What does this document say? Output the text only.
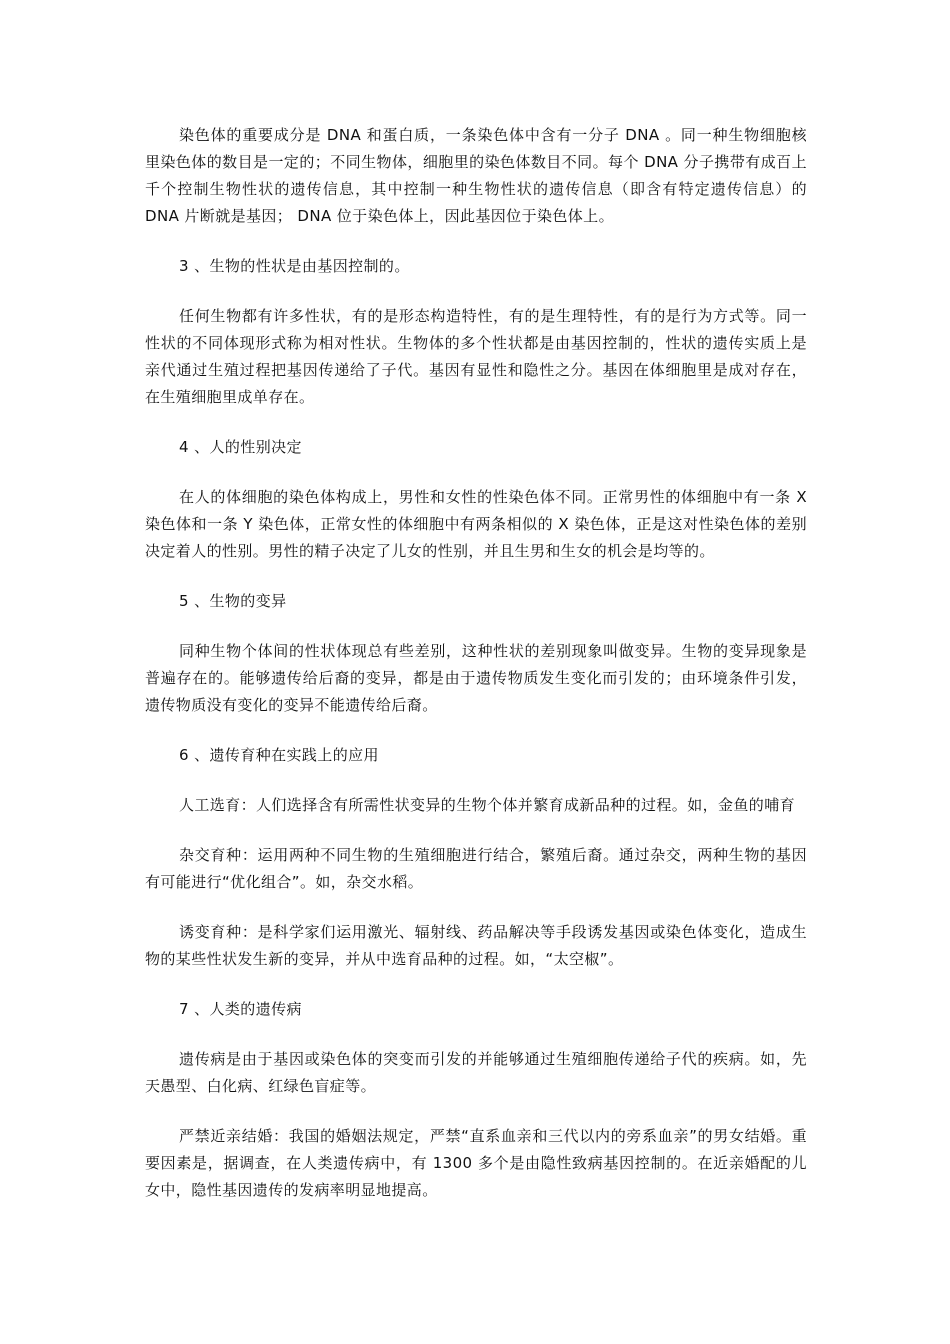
染色体的重要成分是 DNA 和蛋白质，一条染色体中含有一分子 DNA 。同一种生物细胞核里染色体的数目是一定的；不同生物体，细胞里的染色体数目不同。每个 DNA 分子携带有成百上千个控制生物性状的遗传信息，其中控制一种生物性状的遗传信息（即含有特定遗传信息）的 DNA 片断就是基因； DNA 位于染色体上，因此基因位于染色体上。

3 、生物的性状是由基因控制的。

任何生物都有许多性状，有的是形态构造特性，有的是生理特性，有的是行为方式等。同一性状的不同体现形式称为相对性状。生物体的多个性状都是由基因控制的，性状的遗传实质上是亲代通过生殖过程把基因传递给了子代。基因有显性和隐性之分。基因在体细胞里是成对存在，在生殖细胞里成单存在。

4 、人的性别决定

在人的体细胞的染色体构成上，男性和女性的性染色体不同。正常男性的体细胞中有一条 X 染色体和一条 Y 染色体，正常女性的体细胞中有两条相似的 X 染色体，正是这对性染色体的差别决定着人的性别。男性的精子决定了儿女的性别，并且生男和生女的机会是均等的。

5 、生物的变异

同种生物个体间的性状体现总有些差别，这种性状的差别现象叫做变异。生物的变异现象是普遍存在的。能够遗传给后裔的变异，都是由于遗传物质发生变化而引发的；由环境条件引发，遗传物质没有变化的变异不能遗传给后裔。

6 、遗传育种在实践上的应用

人工选育：人们选择含有所需性状变异的生物个体并繁育成新品种的过程。如，金鱼的哺育

杂交育种：运用两种不同生物的生殖细胞进行结合，繁殖后裔。通过杂交，两种生物的基因有可能进行“优化组合”。如，杂交水稻。

诱变育种：是科学家们运用激光、辐射线、药品解决等手段诱发基因或染色体变化，造成生物的某些性状发生新的变异，并从中选育品种的过程。如，“太空椒”。

7 、人类的遗传病

遗传病是由于基因或染色体的突变而引发的并能够通过生殖细胞传递给子代的疾病。如，先天愚型、白化病、红绿色盲症等。

严禁近亲结婚：我国的婚姻法规定，严禁“直系血亲和三代以内的旁系血亲”的男女结婚。重要因素是，据调查，在人类遗传病中，有 1300 多个是由隐性致病基因控制的。在近亲婚配的儿女中，隐性基因遗传的发病率明显地提高。
